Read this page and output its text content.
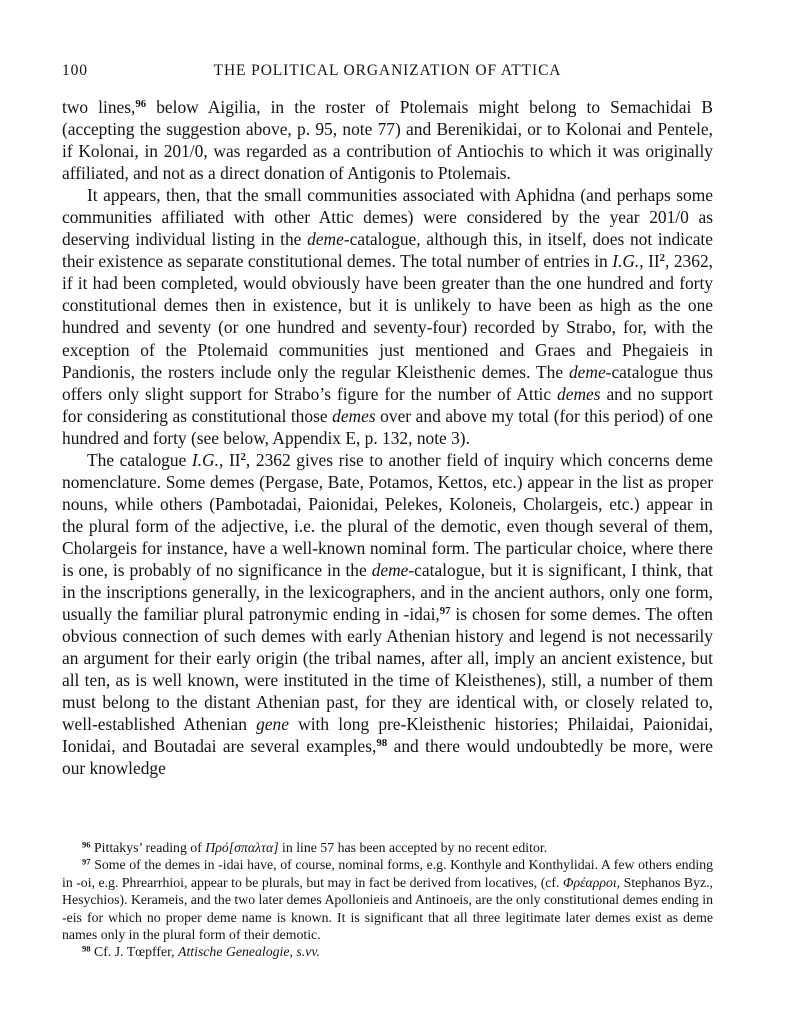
100	THE POLITICAL ORGANIZATION OF ATTICA

two lines,$^{96}$ below Aigilia, in the roster of Ptolemais might belong to Semachidai B (accepting the suggestion above, p. 95, note 77) and Berenikidai, or to Kolonai and Pentele, if Kolonai, in 201/0, was regarded as a contribution of Antiochis to which it was originally affiliated, and not as a direct donation of Antigonis to Ptolemais.

It appears, then, that the small communities associated with Aphidna (and perhaps some communities affiliated with other Attic demes) were considered by the year 201/0 as deserving individual listing in the deme-catalogue, although this, in itself, does not indicate their existence as separate constitutional demes. The total number of entries in I.G., $II^2$, 2362, if it had been completed, would obviously have been greater than the one hundred and forty constitutional demes then in existence, but it is unlikely to have been as high as the one hundred and seventy (or one hundred and seventy-four) recorded by Strabo, for, with the exception of the Ptolemaid communities just mentioned and Graes and Phegaieis in Pandionis, the rosters include only the regular Kleisthenic demes. The deme-catalogue thus offers only slight support for Strabo’s figure for the number of Attic demes and no support for considering as constitutional those demes over and above my total (for this period) of one hundred and forty (see below, Appendix E, p. 132, note 3).

The catalogue I.G., $II^2$, 2362 gives rise to another field of inquiry which concerns deme nomenclature. Some demes (Pergase, Bate, Potamos, Kettos, etc.) appear in the list as proper nouns, while others (Pambotadai, Paionidai, Pelekes, Koloneis, Cholargeis, etc.) appear in the plural form of the adjective, i.e. the plural of the demotic, even though several of them, Cholargeis for instance, have a well-known nominal form. The particular choice, where there is one, is probably of no significance in the deme-catalogue, but it is significant, I think, that in the inscriptions generally, in the lexicographers, and in the ancient authors, only one form, usually the familiar plural patronymic ending in -idai,$^{97}$ is chosen for some demes. The often obvious connection of such demes with early Athenian history and legend is not necessarily an argument for their early origin (the tribal names, after all, imply an ancient existence, but all ten, as is well known, were instituted in the time of Kleisthenes), still, a number of them must belong to the distant Athenian past, for they are identical with, or closely related to, well-established Athenian gene with long pre-Kleisthenic histories; Philaidai, Paionidai, Ionidai, and Boutadai are several examples,$^{98}$ and there would undoubtedly be more, were our knowledge

$^{96}$ Pittakys’ reading of Πρό[σπαλτα] in line 57 has been accepted by no recent editor.

$^{97}$ Some of the demes in -idai have, of course, nominal forms, e.g. Konthyle and Konthylidai. A few others ending in -oi, e.g. Phrearrhioi, appear to be plurals, but may in fact be derived from locatives, (cf. Φρέαρροι, Stephanos Byz., Hesychios). Kerameis, and the two later demes Apollonieis and Antinoeis, are the only constitutional demes ending in -eis for which no proper deme name is known. It is significant that all three legitimate later demes exist as deme names only in the plural form of their demotic.

$^{98}$ Cf. J. Tœpffer, Attische Genealogie, s.vv.
